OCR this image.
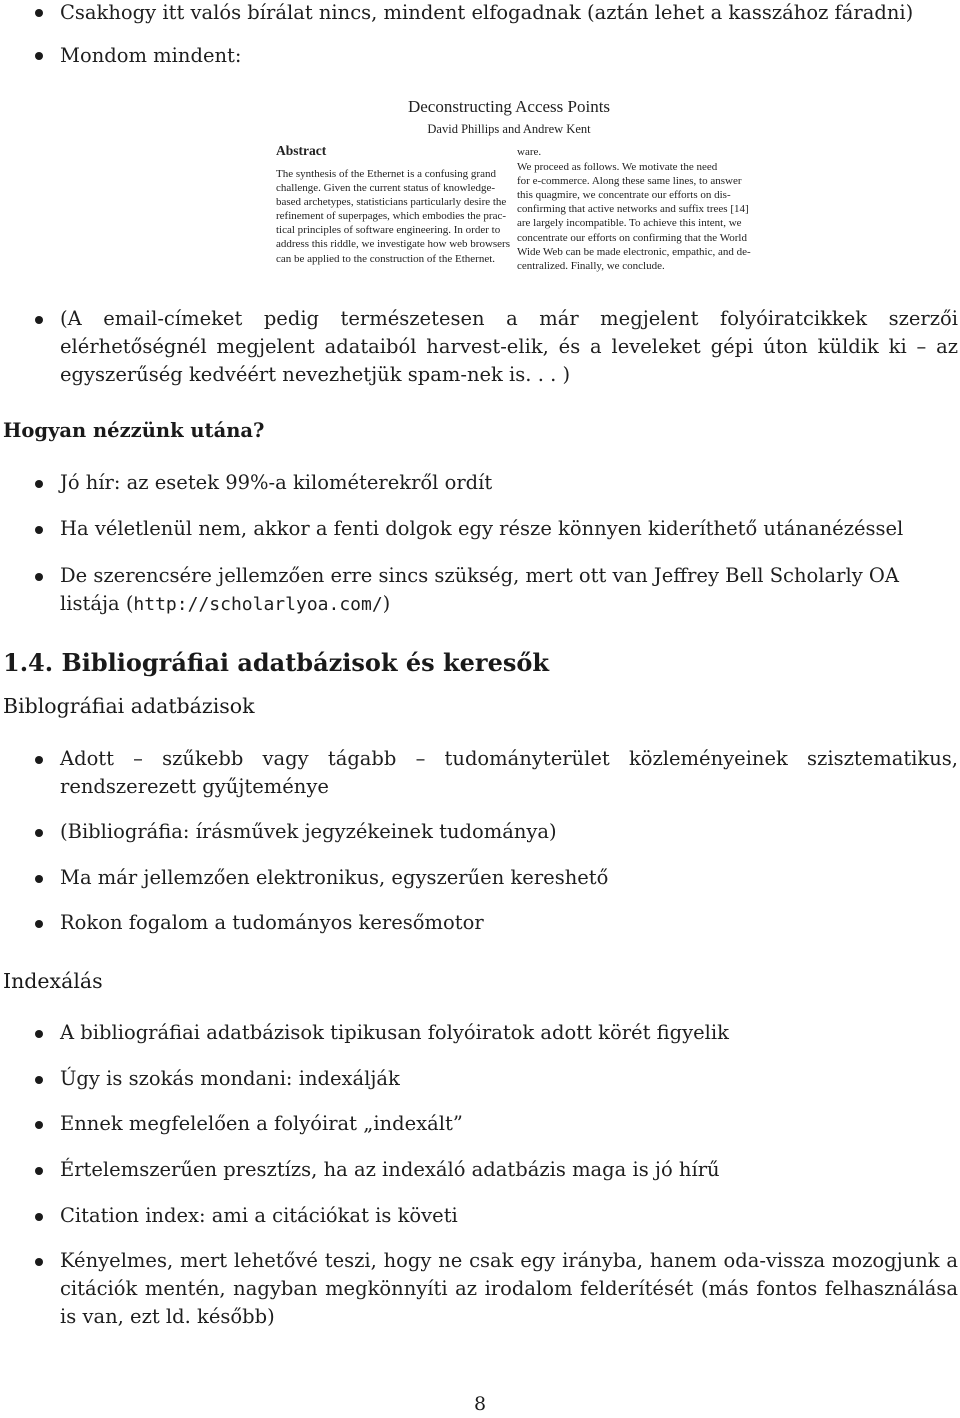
Csakhogy itt valós bírálat nincs, mindent elfogadnak (aztán lehet a kasszához fáradni)
Mondom mindent:
Deconstructing Access Points
David Phillips and Andrew Kent
Abstract
The synthesis of the Ethernet is a confusing grand
challenge. Given the current status of knowledge-
based archetypes, statisticians particularly desire the
refinement of superpages, which embodies the prac-
tical principles of software engineering. In order to
address this riddle, we investigate how web browsers
can be applied to the construction of the Ethernet.
ware.
We proceed as follows. We motivate the need
for e-commerce. Along these same lines, to answer
this quagmire, we concentrate our efforts on dis-
confirming that active networks and suffix trees [14]
are largely incompatible. To achieve this intent, we
concentrate our efforts on confirming that the World
Wide Web can be made electronic, empathic, and de-
centralized. Finally, we conclude.
(A email-címeket pedig természetesen a már megjelent folyóiratcikkek szerzői elérhetőségnél megjelent adataiból harvest-elik, és a leveleket gépi úton küldik ki – az egyszerűség kedvéért nevezhetjük spam-nek is. . . )
Hogyan nézzünk utána?
Jó hír: az esetek 99%-a kilométerekről ordít
Ha véletlenül nem, akkor a fenti dolgok egy része könnyen kideríthető utánanézéssel
De szerencsére jellemzően erre sincs szükség, mert ott van Jeffrey Bell Scholarly OA listája (http://scholarlyoa.com/)
1.4. Bibliográfiai adatbázisok és keresők
Biblográfiai adatbázisok
Adott – szűkebb vagy tágabb – tudományterület közleményeinek szisztematikus, rendszerezett gyűjteménye
(Bibliográfia: írásművek jegyzékeinek tudománya)
Ma már jellemzően elektronikus, egyszerűen kereshető
Rokon fogalom a tudományos keresőmotor
Indexálás
A bibliográfiai adatbázisok tipikusan folyóiratok adott körét figyelik
Úgy is szokás mondani: indexálják
Ennek megfelelően a folyóirat „indexált”
Értelemszerűen presztízs, ha az indexáló adatbázis maga is jó hírű
Citation index: ami a citációkat is követi
Kényelmes, mert lehetővé teszi, hogy ne csak egy irányba, hanem oda-vissza mozogjunk a citációk mentén, nagyban megkönnyíti az irodalom felderítését (más fontos felhasználása is van, ezt ld. később)
8
